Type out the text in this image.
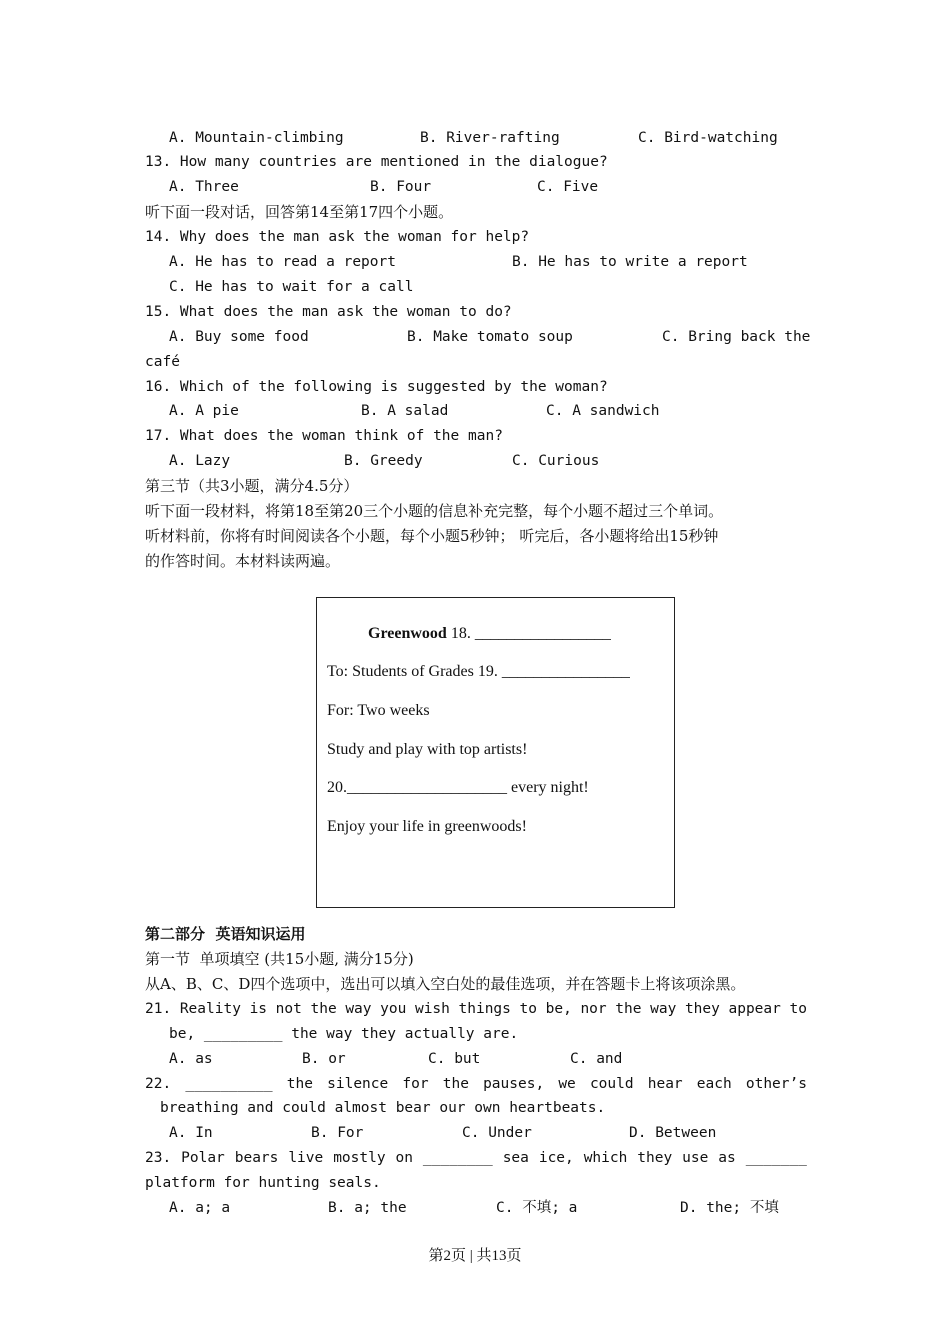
A. Mountain-climbing	B. River-rafting	C. Bird-watching
13. How many countries are mentioned in the dialogue?
A. Three	B. Four	C. Five
听下面一段对话，回答第14至第17四个小题。
14. Why does the man ask the woman for help?
A. He has to read a report	B. He has to write a report
C. He has to wait for a call
15. What does the man ask the woman to do?
A. Buy some food	B. Make tomato soup	C. Bring back the
café
16. Which of the following is suggested by the woman?
A. A pie	B. A salad	C. A sandwich
17. What does the woman think of the man?
A. Lazy	B. Greedy	C. Curious
第三节（共3小题，满分4.5分）
听下面一段材料，将第18至第20三个小题的信息补充完整，每个小题不超过三个单词。
听材料前，你将有时间阅读各个小题，每个小题5秒钟； 听完后，各小题将给出15秒钟
的作答时间。本材料读两遍。
Greenwood 18. _________________
To: Students of Grades 19. ________________
For: Two weeks
Study and play with top artists!
20.____________________ every night!
Enjoy your life in greenwoods!
第二部分  英语知识运用
第一节  单项填空 (共15小题, 满分15分)
从A、B、C、D四个选项中，选出可以填入空白处的最佳选项，并在答题卡上将该项涂黑。
21. Reality is not the way you wish things to be, nor the way they appear to
be, _________ the way they actually are.
A. as	B. or	C. but	C. and
22. __________ the silence for the pauses, we could hear each other’s
breathing and could almost bear our own heartbeats.
A. In	B. For	C. Under	D. Between
23. Polar bears live mostly on ________ sea ice, which they use as _______
platform for hunting seals.
A. a; a	B. a; the	C. 不填; a	D. the; 不填
第2页 | 共13页
